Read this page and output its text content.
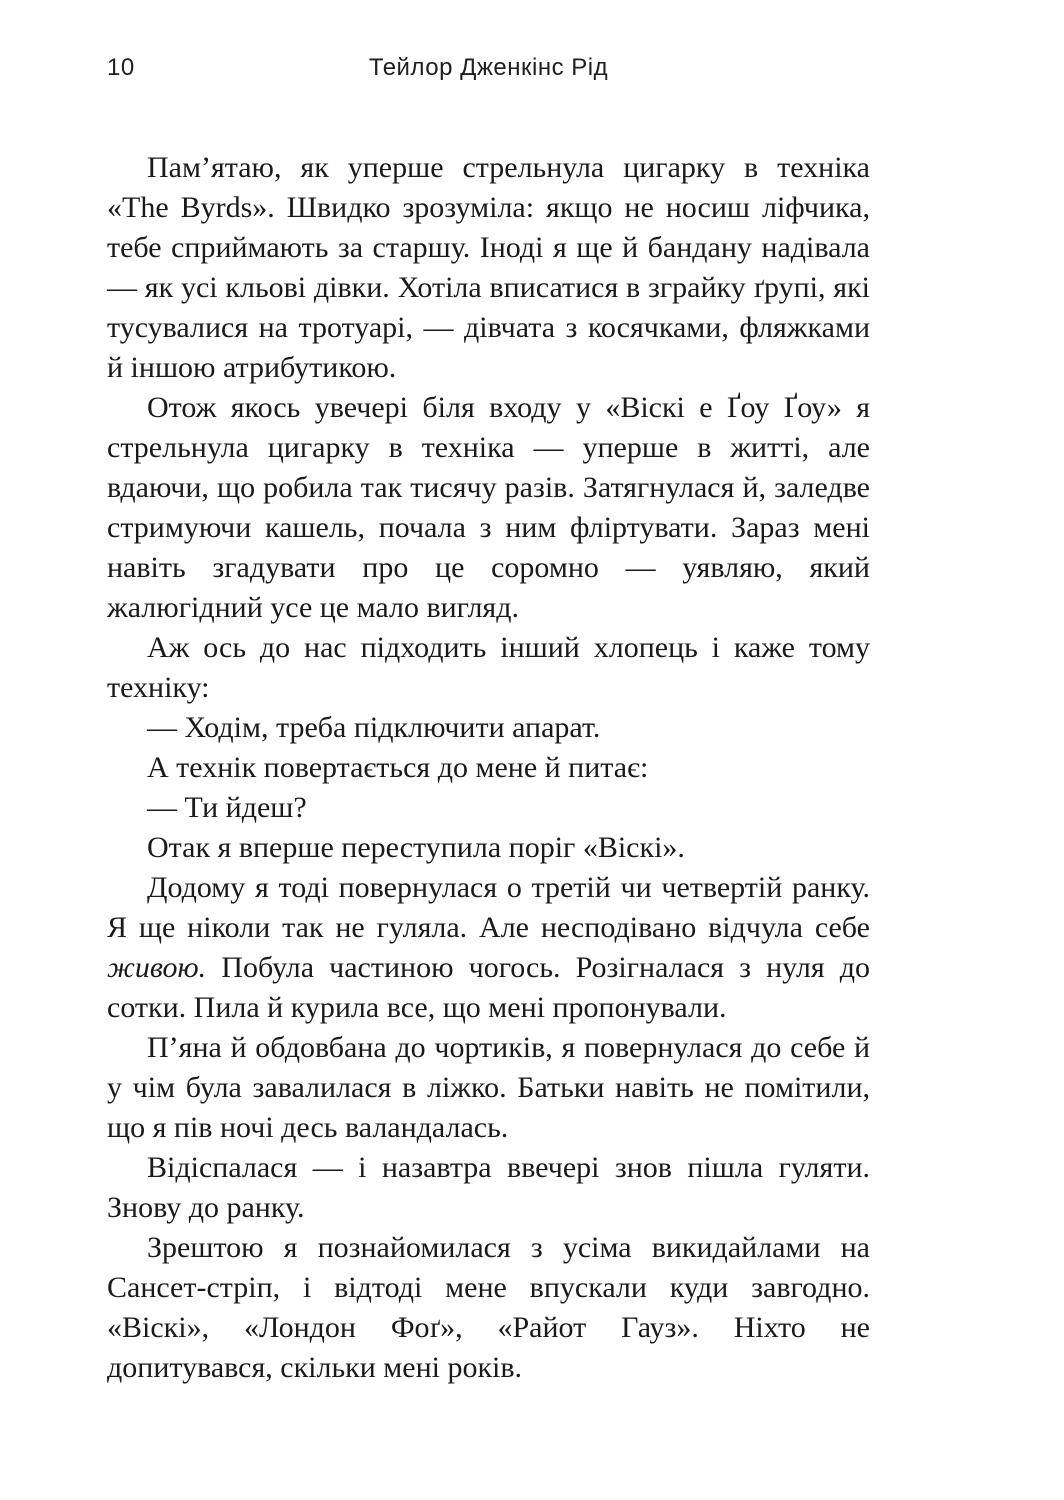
10	Тейлор Дженкінс Рід

Пам’ятаю, як уперше стрельнула цигарку в техніка «The Byrds». Швидко зрозуміла: якщо не носиш ліфчика, тебе сприймають за старшу. Іноді я ще й бандану надівала — як усі кльові дівки. Хотіла вписатися в зграйку ґрупі, які тусувалися на тротуарі, — дівчата з косячками, фляжками й іншою атрибутикою.

Отож якось увечері біля входу у «Віскі е Ґоу Ґоу» я стрельнула цигарку в техніка — уперше в житті, але вдаючи, що робила так тисячу разів. Затягнулася й, заледве стримуючи кашель, почала з ним фліртувати. Зараз мені навіть згадувати про це соромно — уявляю, який жалюгідний усе це мало вигляд.

Аж ось до нас підходить інший хлопець і каже тому техніку:

— Ходім, треба підключити апарат.

А технік повертається до мене й питає:

— Ти йдеш?

Отак я вперше переступила поріг «Віскі».

Додому я тоді повернулася о третій чи четвертій ранку. Я ще ніколи так не гуляла. Але несподівано відчула себе живою. Побула частиною чогось. Розігналася з нуля до сотки. Пила й курила все, що мені пропонували.

П’яна й обдовбана до чортиків, я повернулася до себе й у чім була завалилася в ліжко. Батьки навіть не помітили, що я пів ночі десь валандалась.

Відіспалася — і назавтра ввечері знов пішла гуляти. Знову до ранку.

Зрештою я познайомилася з усіма викидайлами на Сансет-стріп, і відтоді мене впускали куди завгодно. «Віскі», «Лондон Фоґ», «Райот Гауз». Ніхто не допитувався, скільки мені років.
